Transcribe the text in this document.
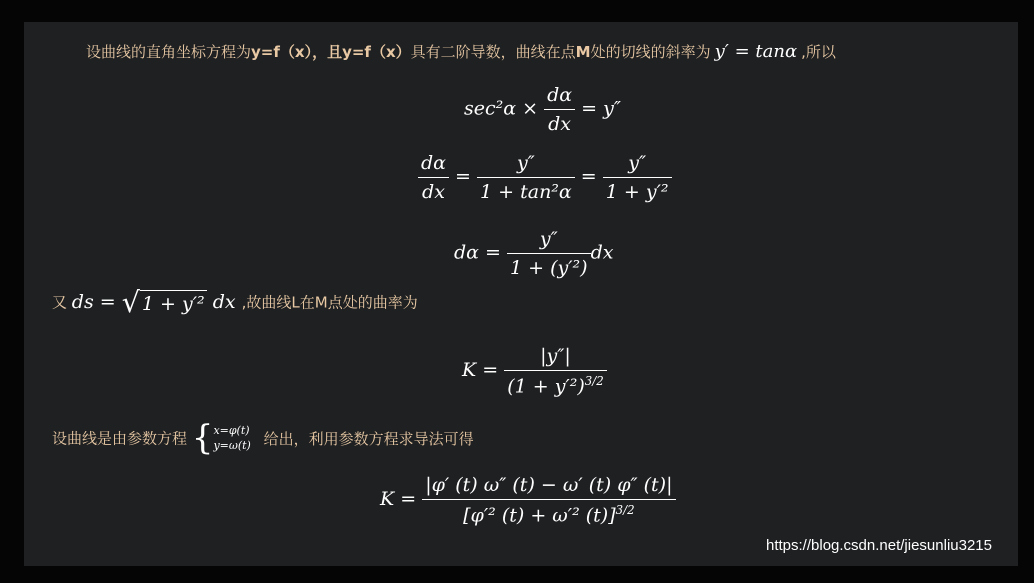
设曲线的直角坐标方程为y=f（x），且y=f（x）具有二阶导数，曲线在点M处的切线的斜率为 y′ = tanα ,所以
$\sec^2\alpha \times \frac{d\alpha}{dx} = y''$
$\frac{d\alpha}{dx} = \frac{y''}{\text{1 + tan²α}} = \frac{y''}{\text{1 + y′²}}$
$d\alpha = \frac{y''}{\text{1 + (y′²)}}$ dx
又 ds = √ 1 + y′² dx ,故曲线L在M点处的曲率为
$K = \frac{|y''|}{(1 + y'^2)^{3/2}}$
设曲线是由参数方程 { x=φ(t)
y=ω(t) 给出，利用参数方程求导法可得
$K = \frac{|\varphi' (t) \omega'' (t) - \omega' (t) \varphi'' (t)|}{[\varphi'^2 (t) + \omega'^2 (t)]^{3/2}}$
https://blog.csdn.net/jiesunliu3215
